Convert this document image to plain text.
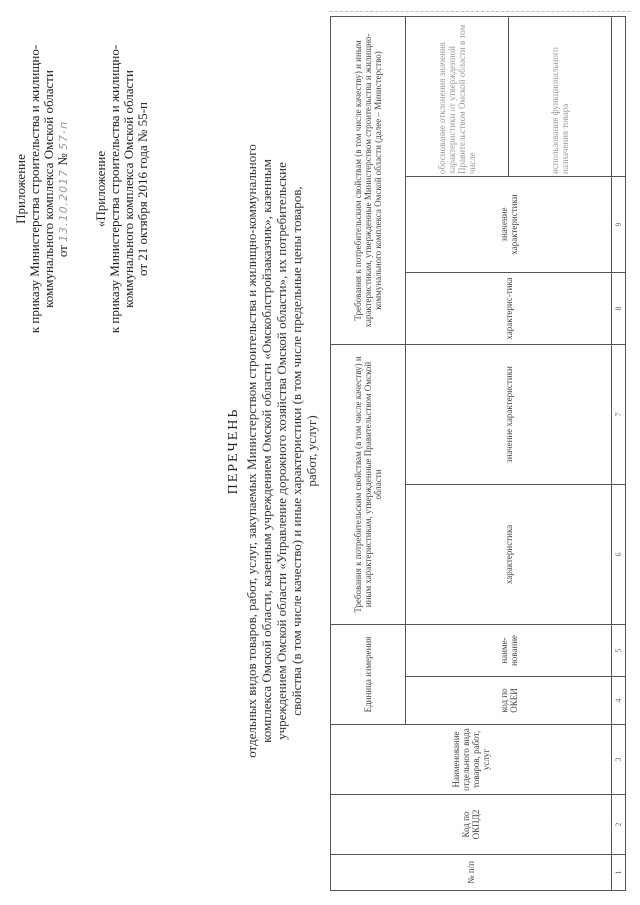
Приложение к приказу Министерства строительства и жилищно- коммунального комплекса Омской области от 13.10.2017 № 57-п
«Приложение к приказу Министерства строительства и жилищно- коммунального комплекса Омской области от 21 октября 2016 года № 55-п
ПЕРЕЧЕНЬ отдельных видов товаров, работ, услуг, закупаемых Министерством строительства и жилищно-коммунального комплекса Омской области, казенным учреждением Омской области «Омскоблстройзаказчик», казенным учреждением Омской области «Управление дорожного хозяйства Омской области», их потребительские свойства (в том числе качество) и иные характеристики (в том числе предельные цены товаров, работ, услуг)
№ п/п	Код по ОКПД2	Наименование отдельного вида товаров, работ, услуг	Единица измерения		Требования к потребительским свойствам (в том числе качеству) и иным характеристикам, утвержденные Правительством Омской области		Требования к потребительским свойствам (в том числе качеству) и иным характеристикам, утвержденные Министерством строительства и жилищно-коммунального комплекса Омской области (далее – Министерство)		
			код по ОКЕИ	наиме-нование	характеристика	значение характеристики	характерис-тика	значение характеристики	обоснование отклонения значения характеристики от утвержденной Правительством Омской области в том числе
									использование функционального назначения товара
1	2	3	4	5	6	7	8	9	
